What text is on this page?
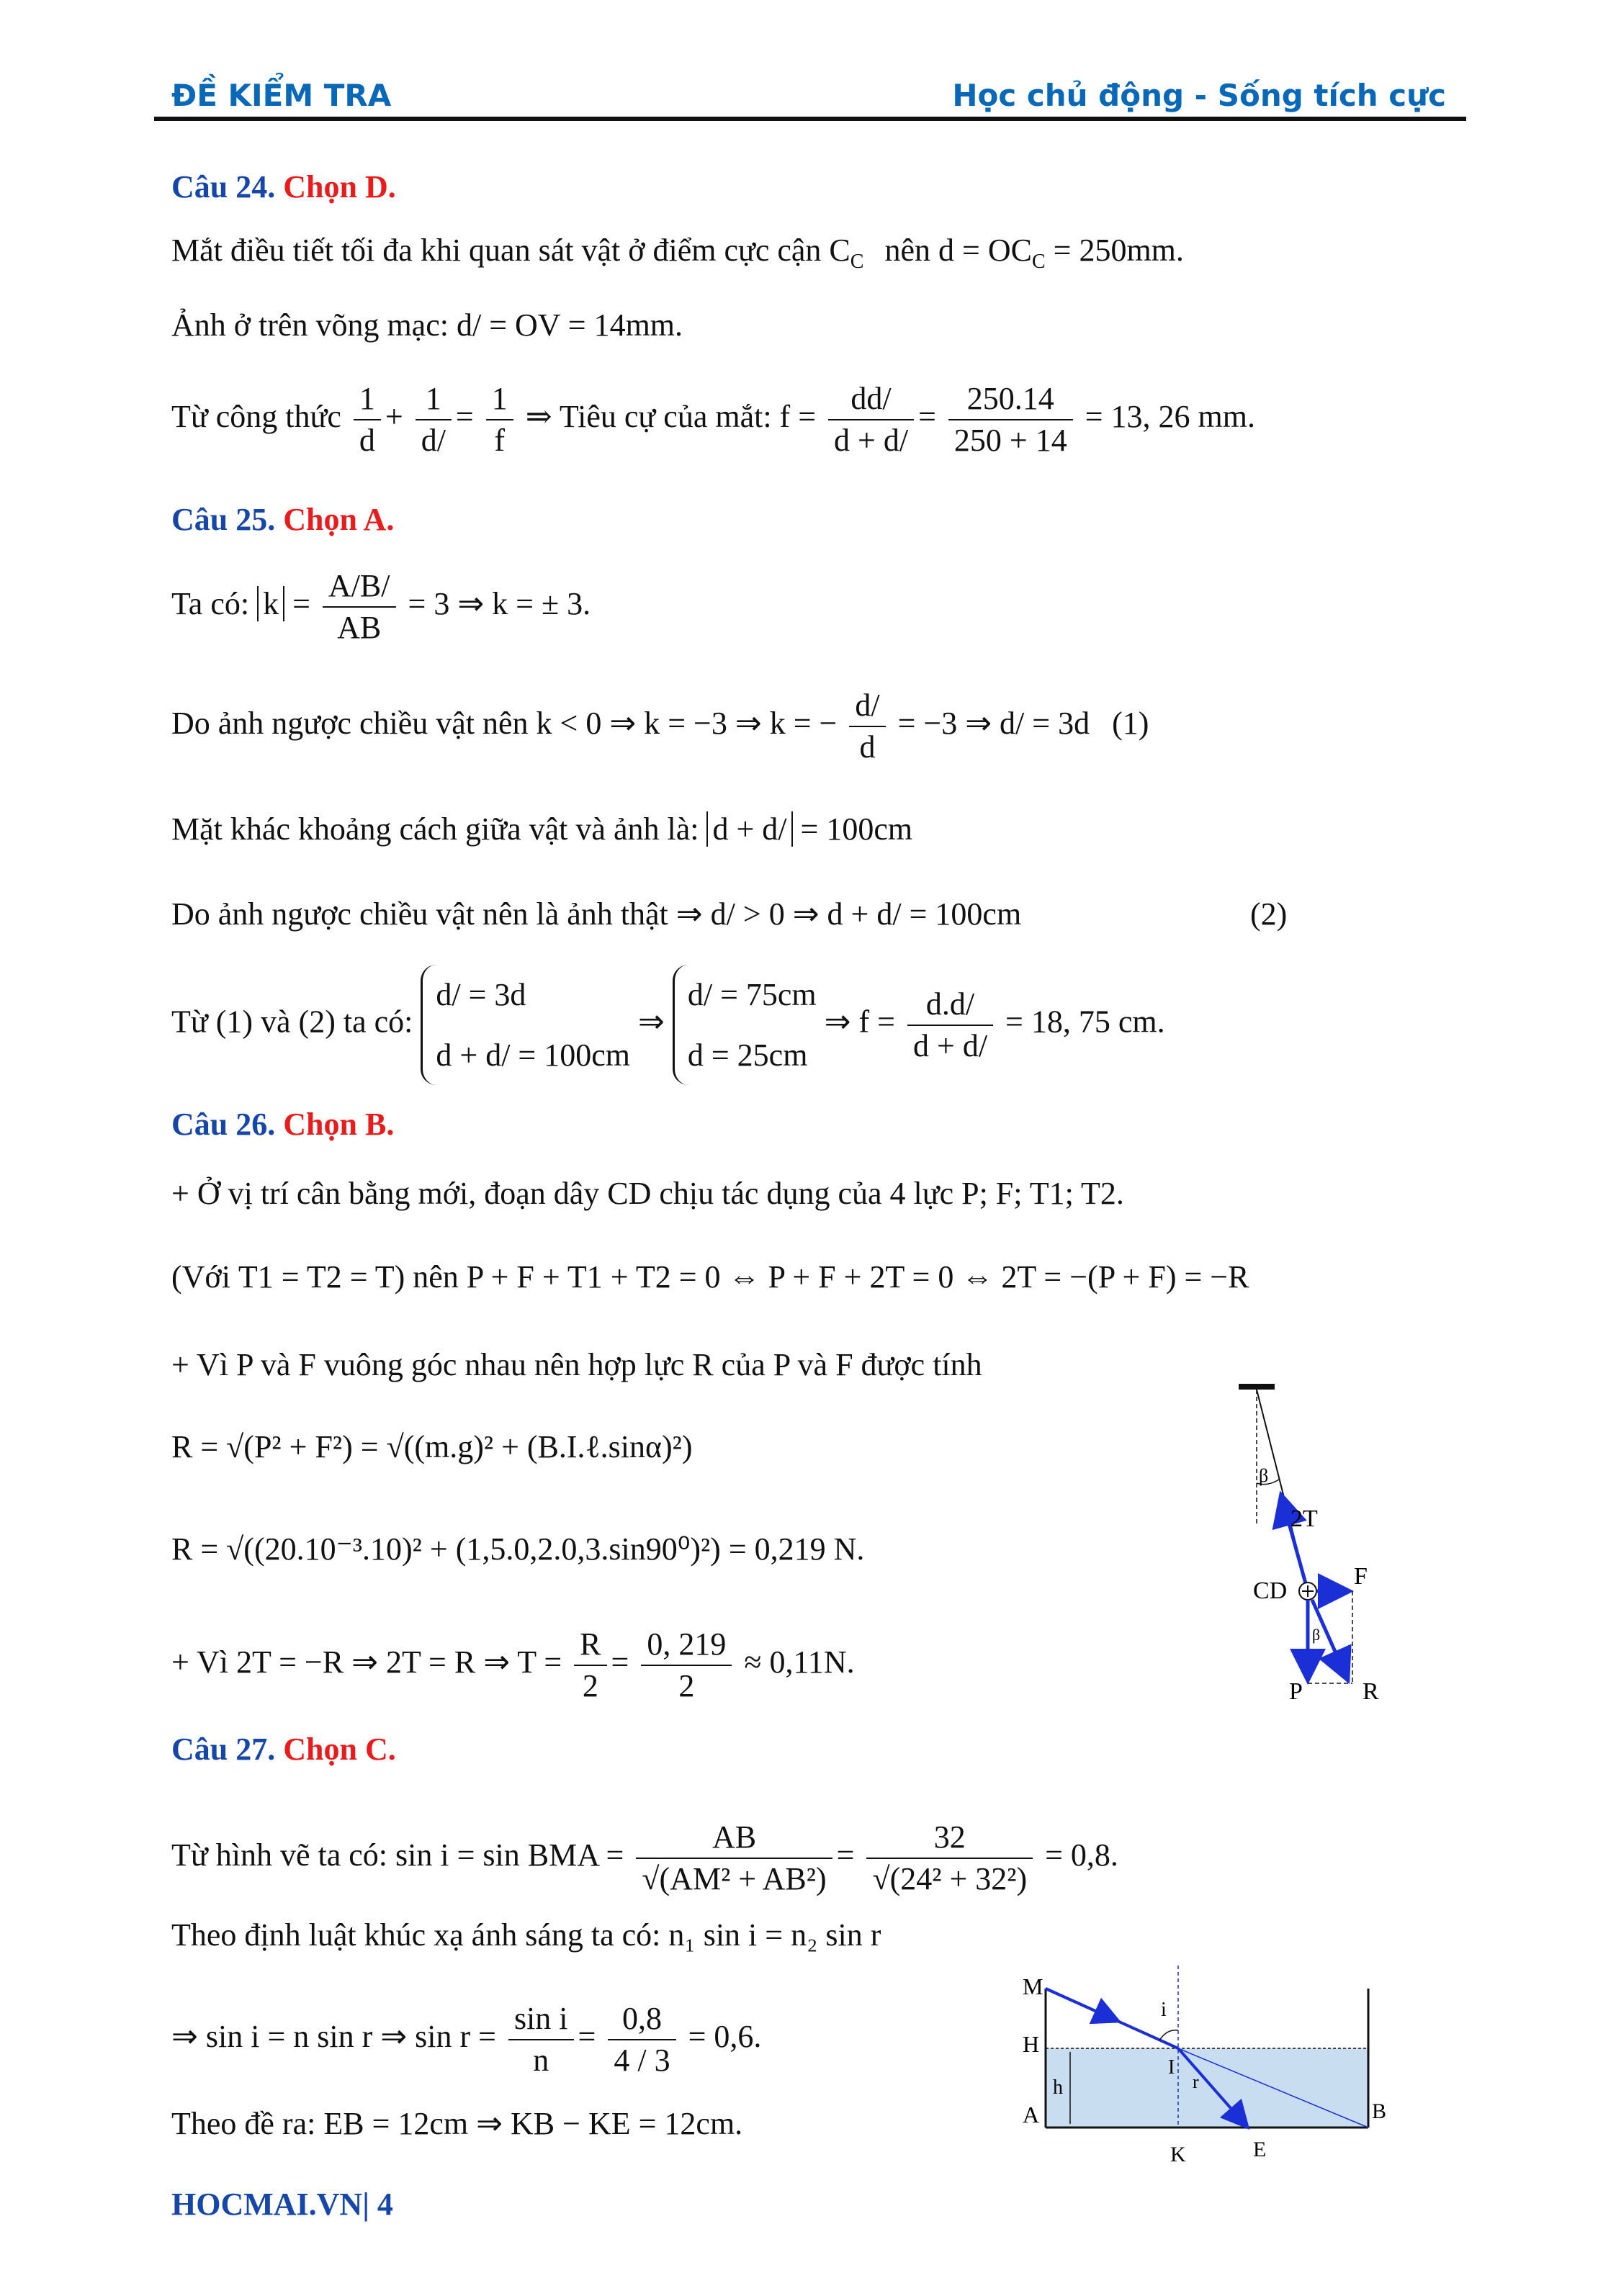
ĐỀ KIỂM TRA	Học chủ động - Sống tích cực
Câu 24. Chọn D.
Mắt điều tiết tối đa khi quan sát vật ở điểm cực cận $C_C$ nên $d = OC_C = 250mm$.
Ảnh ở trên võng mạc: d/ = OV = 14mm.
Từ công thức $\frac{1}{d} + \frac{1}{d/} = \frac{1}{f}$ ⇒ Tiêu cự của mắt: $f = \frac{dd/}{d + d/} = \frac{250.14}{250 + 14} = 13$, 26 mm.
Câu 25. Chọn A.
Ta có: $k = \frac{A/B/}{AB} = 3$ ⇒ k = ± 3.
Do ảnh ngược chiều vật nên k < 0 ⇒ k = −3 ⇒ k = − $\frac{d/}{d} = -3$ ⇒ d/ = 3d (1)
Mặt khác khoảng cách giữa vật và ảnh là: d + d/ = 100cm
Do ảnh ngược chiều vật nên là ảnh thật ⇒ d/ > 0 ⇒ d + d/ = 100cm	(2)
Từ (1) và (2) ta có: d/ = 3d
d + d/ = 100cm ⇒ d/ = 75cm
d = 25cm ⇒ $f = \frac{d.d/}{d + d/} = 18$, 75 cm.
Câu 26. Chọn B.
+ Ở vị trí cân bằng mới, đoạn dây CD chịu tác dụng của 4 lực P; F; T1; T2.
(Với T1 = T2 = T) nên P + F + T1 + T2 = 0 ⇔ P + F + 2T = 0 ⇔ 2T = −(P + F) = −R
+ Vì P và F vuông góc nhau nên hợp lực R của P và F được tính
R = √(P² + F²) = √((m.g)² + (B.I.ℓ.sinα)²)
R = √((20.10⁻³.10)² + (1,5.0,2.0,3.sin90⁰)²) = 0,219 N.
+ Vì 2T = −R ⇒ 2T = R ⇒ $T = \frac{R}{2} = \frac{0, 219}{2} \approx 0,11N$.
β
2T
CD
F
β
P R
Câu 27. Chọn C.
Từ hình vẽ ta có: sin i = sin BMA = $\frac{AB}{\text{√(AM² + AB²)}} = \frac{32}{\text{√(24² + 32²)}} = 0,8$.
Theo định luật khúc xạ ánh sáng ta có: n₁ sin i = n₂ sin r
⇒ sin i = n sin r ⇒ $\sin r = \frac{\text{sin i}}{n} = \frac{0,8}{4 / 3} = 0,6$.
Theo đề ra: EB = 12cm ⇒ KB − KE = 12cm.
M
H
A
i
I
r
h
K	E
B
HOCMAI.VN| 4
